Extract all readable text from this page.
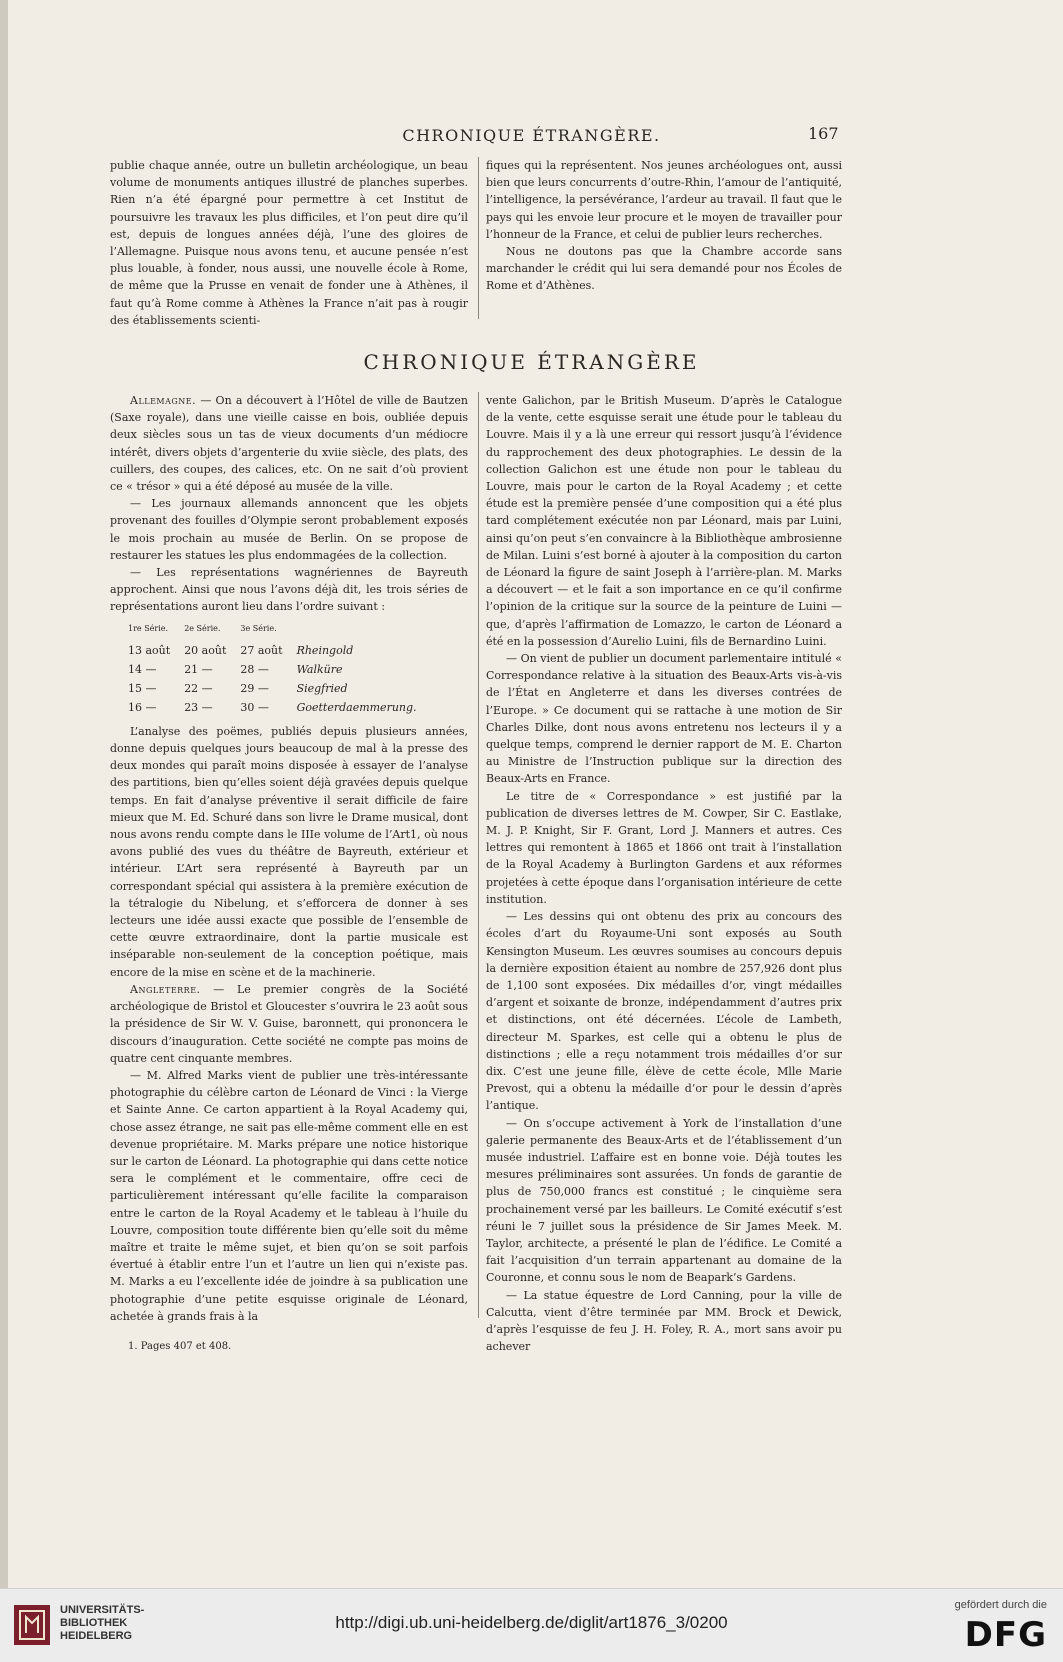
CHRONIQUE ÉTRANGÈRE.	167

publie chaque année, outre un bulletin archéologique, un beau volume de monuments antiques illustré de planches superbes. Rien n’a été épargné pour permettre à cet Institut de poursuivre les travaux les plus difficiles, et l’on peut dire qu’il est, depuis de longues années déjà, l’une des gloires de l’Allemagne. Puisque nous avons tenu, et aucune pensée n’est plus louable, à fonder, nous aussi, une nouvelle école à Rome, de même que la Prusse en venait de fonder une à Athènes, il faut qu’à Rome comme à Athènes la France n’ait pas à rougir des établissements scienti-

fiques qui la représentent. Nos jeunes archéologues ont, aussi bien que leurs concurrents d’outre-Rhin, l’amour de l’antiquité, l’intelligence, la persévérance, l’ardeur au travail. Il faut que le pays qui les envoie leur procure et le moyen de travailler pour l’honneur de la France, et celui de publier leurs recherches.

Nous ne doutons pas que la Chambre accorde sans marchander le crédit qui lui sera demandé pour nos Écoles de Rome et d’Athènes.

CHRONIQUE ÉTRANGÈRE

Allemagne. — On a découvert à l’Hôtel de ville de Bautzen (Saxe royale), dans une vieille caisse en bois, oubliée depuis deux siècles sous un tas de vieux documents d’un médiocre intérêt, divers objets d’argenterie du xviie siècle, des plats, des cuillers, des coupes, des calices, etc. On ne sait d’où provient ce « trésor » qui a été déposé au musée de la ville.

— Les journaux allemands annoncent que les objets provenant des fouilles d’Olympie seront probablement exposés le mois prochain au musée de Berlin. On se propose de restaurer les statues les plus endommagées de la collection.

— Les représentations wagnériennes de Bayreuth approchent. Ainsi que nous l’avons déjà dit, les trois séries de représentations auront lieu dans l’ordre suivant :

1re Série.	2e Série.	3e Série.	
13 août	20 août	27 août	Rheingold
14 —	21 —	28 —	Walküre
15 —	22 —	29 —	Siegfried
16 —	23 —	30 —	Goetterdaemmerung.

L’analyse des poëmes, publiés depuis plusieurs années, donne depuis quelques jours beaucoup de mal à la presse des deux mondes qui paraît moins disposée à essayer de l’analyse des partitions, bien qu’elles soient déjà gravées depuis quelque temps. En fait d’analyse préventive il serait difficile de faire mieux que M. Ed. Schuré dans son livre le Drame musical, dont nous avons rendu compte dans le IIIe volume de l’Art1, où nous avons publié des vues du théâtre de Bayreuth, extérieur et intérieur. L’Art sera représenté à Bayreuth par un correspondant spécial qui assistera à la première exécution de la tétralogie du Nibelung, et s’efforcera de donner à ses lecteurs une idée aussi exacte que possible de l’ensemble de cette œuvre extraordinaire, dont la partie musicale est inséparable non-seulement de la conception poétique, mais encore de la mise en scène et de la machinerie.

Angleterre. — Le premier congrès de la Société archéologique de Bristol et Gloucester s’ouvrira le 23 août sous la présidence de Sir W. V. Guise, baronnett, qui prononcera le discours d’inauguration. Cette société ne compte pas moins de quatre cent cinquante membres.

— M. Alfred Marks vient de publier une très-intéressante photographie du célèbre carton de Léonard de Vinci : la Vierge et Sainte Anne. Ce carton appartient à la Royal Academy qui, chose assez étrange, ne sait pas elle-même comment elle en est devenue propriétaire. M. Marks prépare une notice historique sur le carton de Léonard. La photographie qui dans cette notice sera le complément et le commentaire, offre ceci de particulièrement intéressant qu’elle facilite la comparaison entre le carton de la Royal Academy et le tableau à l’huile du Louvre, composition toute différente bien qu’elle soit du même maître et traite le même sujet, et bien qu’on se soit parfois évertué à établir entre l’un et l’autre un lien qui n’existe pas. M. Marks a eu l’excellente idée de joindre à sa publication une photographie d’une petite esquisse originale de Léonard, achetée à grands frais à la

vente Galichon, par le British Museum. D’après le Catalogue de la vente, cette esquisse serait une étude pour le tableau du Louvre. Mais il y a là une erreur qui ressort jusqu’à l’évidence du rapprochement des deux photographies. Le dessin de la collection Galichon est une étude non pour le tableau du Louvre, mais pour le carton de la Royal Academy ; et cette étude est la première pensée d’une composition qui a été plus tard complétement exécutée non par Léonard, mais par Luini, ainsi qu’on peut s’en convaincre à la Bibliothèque ambrosienne de Milan. Luini s’est borné à ajouter à la composition du carton de Léonard la figure de saint Joseph à l’arrière-plan. M. Marks a découvert — et le fait a son importance en ce qu’il confirme l’opinion de la critique sur la source de la peinture de Luini — que, d’après l’affirmation de Lomazzo, le carton de Léonard a été en la possession d’Aurelio Luini, fils de Bernardino Luini.

— On vient de publier un document parlementaire intitulé « Correspondance relative à la situation des Beaux-Arts vis-à-vis de l’État en Angleterre et dans les diverses contrées de l’Europe. » Ce document qui se rattache à une motion de Sir Charles Dilke, dont nous avons entretenu nos lecteurs il y a quelque temps, comprend le dernier rapport de M. E. Charton au Ministre de l’Instruction publique sur la direction des Beaux-Arts en France.

Le titre de « Correspondance » est justifié par la publication de diverses lettres de M. Cowper, Sir C. Eastlake, M. J. P. Knight, Sir F. Grant, Lord J. Manners et autres. Ces lettres qui remontent à 1865 et 1866 ont trait à l’installation de la Royal Academy à Burlington Gardens et aux réformes projetées à cette époque dans l’organisation intérieure de cette institution.

— Les dessins qui ont obtenu des prix au concours des écoles d’art du Royaume-Uni sont exposés au South Kensington Museum. Les œuvres soumises au concours depuis la dernière exposition étaient au nombre de 257,926 dont plus de 1,100 sont exposées. Dix médailles d’or, vingt médailles d’argent et soixante de bronze, indépendamment d’autres prix et distinctions, ont été décernées. L’école de Lambeth, directeur M. Sparkes, est celle qui a obtenu le plus de distinctions ; elle a reçu notamment trois médailles d’or sur dix. C’est une jeune fille, élève de cette école, Mlle Marie Prevost, qui a obtenu la médaille d’or pour le dessin d’après l’antique.

— On s’occupe activement à York de l’installation d’une galerie permanente des Beaux-Arts et de l’établissement d’un musée industriel. L’affaire est en bonne voie. Déjà toutes les mesures préliminaires sont assurées. Un fonds de garantie de plus de 750,000 francs est constitué ; le cinquième sera prochainement versé par les bailleurs. Le Comité exécutif s’est réuni le 7 juillet sous la présidence de Sir James Meek. M. Taylor, architecte, a présenté le plan de l’édifice. Le Comité a fait l’acquisition d’un terrain appartenant au domaine de la Couronne, et connu sous le nom de Beapark’s Gardens.

— La statue équestre de Lord Canning, pour la ville de Calcutta, vient d’être terminée par MM. Brock et Dewick, d’après l’esquisse de feu J. H. Foley, R. A., mort sans avoir pu achever

1. Pages 407 et 408.
UNIVERSITÄTS-
BIBLIOTHEK
HEIDELBERG
http://digi.ub.uni-heidelberg.de/diglit/art1876_3/0200
gefördert durch die
DFG
